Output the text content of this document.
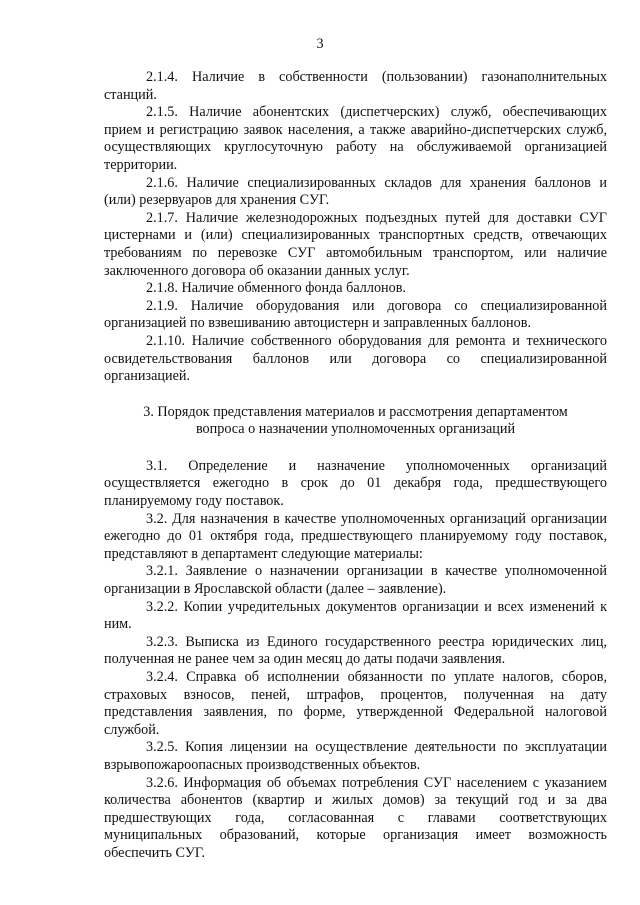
3

2.1.4. Наличие в собственности (пользовании) газонаполнительных станций.

2.1.5. Наличие абонентских (диспетчерских) служб, обеспечивающих прием и регистрацию заявок населения, а также аварийно-диспетчерских служб, осуществляющих круглосуточную работу на обслуживаемой организацией территории.

2.1.6. Наличие специализированных складов для хранения баллонов и (или) резервуаров для хранения СУГ.

2.1.7. Наличие железнодорожных подъездных путей для доставки СУГ цистернами и (или) специализированных транспортных средств, отвечающих требованиям по перевозке СУГ автомобильным транспортом, или наличие заключенного договора об оказании данных услуг.

2.1.8. Наличие обменного фонда баллонов.

2.1.9. Наличие оборудования или договора со специализированной организацией по взвешиванию автоцистерн и заправленных баллонов.

2.1.10. Наличие собственного оборудования для ремонта и технического освидетельствования баллонов или договора со специализированной организацией.

3. Порядок представления материалов и рассмотрения департаментом
вопроса о назначении уполномоченных организаций

3.1. Определение и назначение уполномоченных организаций осуществляется ежегодно в срок до 01 декабря года, предшествующего планируемому году поставок.

3.2. Для назначения в качестве уполномоченных организаций организации ежегодно до 01 октября года, предшествующего планируемому году поставок, представляют в департамент следующие материалы:

3.2.1. Заявление о назначении организации в качестве уполномоченной организации в Ярославской области (далее – заявление).

3.2.2. Копии учредительных документов организации и всех изменений к ним.

3.2.3. Выписка из Единого государственного реестра юридических лиц, полученная не ранее чем за один месяц до даты подачи заявления.

3.2.4. Справка об исполнении обязанности по уплате налогов, сборов, страховых взносов, пеней, штрафов, процентов, полученная на дату представления заявления, по форме, утвержденной Федеральной налоговой службой.

3.2.5. Копия лицензии на осуществление деятельности по эксплуатации взрывопожароопасных производственных объектов.

3.2.6. Информация об объемах потребления СУГ населением с указанием количества абонентов (квартир и жилых домов) за текущий год и за два предшествующих года, согласованная с главами соответствующих муниципальных образований, которые организация имеет возможность обеспечить СУГ.
